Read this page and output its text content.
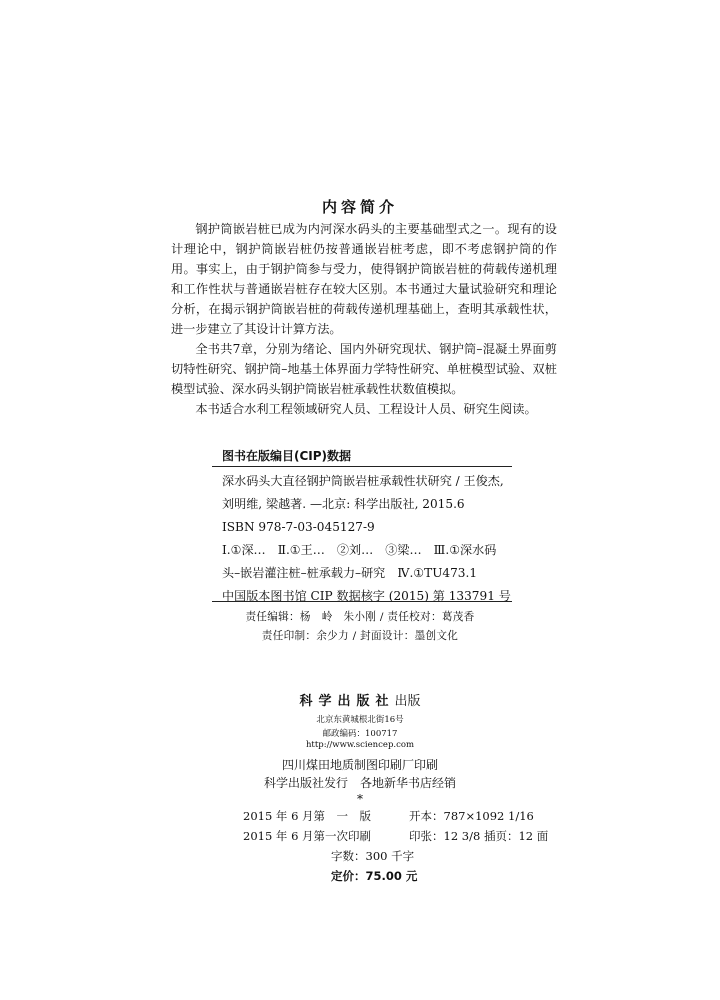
内容简介

钢护筒嵌岩桩已成为内河深水码头的主要基础型式之一。现有的设计理论中，钢护筒嵌岩桩仍按普通嵌岩桩考虑，即不考虑钢护筒的作用。事实上，由于钢护筒参与受力，使得钢护筒嵌岩桩的荷载传递机理和工作性状与普通嵌岩桩存在较大区别。本书通过大量试验研究和理论分析，在揭示钢护筒嵌岩桩的荷载传递机理基础上，查明其承载性状，进一步建立了其设计计算方法。

全书共7章，分别为绪论、国内外研究现状、钢护筒–混凝土界面剪切特性研究、钢护筒–地基土体界面力学特性研究、单桩模型试验、双桩模型试验、深水码头钢护筒嵌岩桩承载性状数值模拟。

本书适合水利工程领域研究人员、工程设计人员、研究生阅读。

图书在版编目(CIP)数据
深水码头大直径钢护筒嵌岩桩承载性状研究 / 王俊杰,
刘明维, 梁越著. —北京: 科学出版社, 2015.6
ISBN 978-7-03-045127-9
Ⅰ.①深…　Ⅱ.①王…　②刘…　③梁…　Ⅲ.①深水码
头–嵌岩灌注桩–桩承载力–研究　Ⅳ.①TU473.1
中国版本图书馆 CIP 数据核字 (2015) 第 133791 号
责任编辑：杨　岭　朱小刚 / 责任校对：葛茂香
责任印制：余少力 / 封面设计：墨创文化
科学出版社出版
北京东黄城根北街16号
邮政编码：100717
http://www.sciencep.com
四川煤田地质制图印刷厂印刷
科学出版社发行　各地新华书店经销
*
2015 年 6 月第　一　版	开本：787×1092 1/16
2015 年 6 月第一次印刷	印张：12 3/8 插页：12 面
字数：300 千字
定价：75.00 元
